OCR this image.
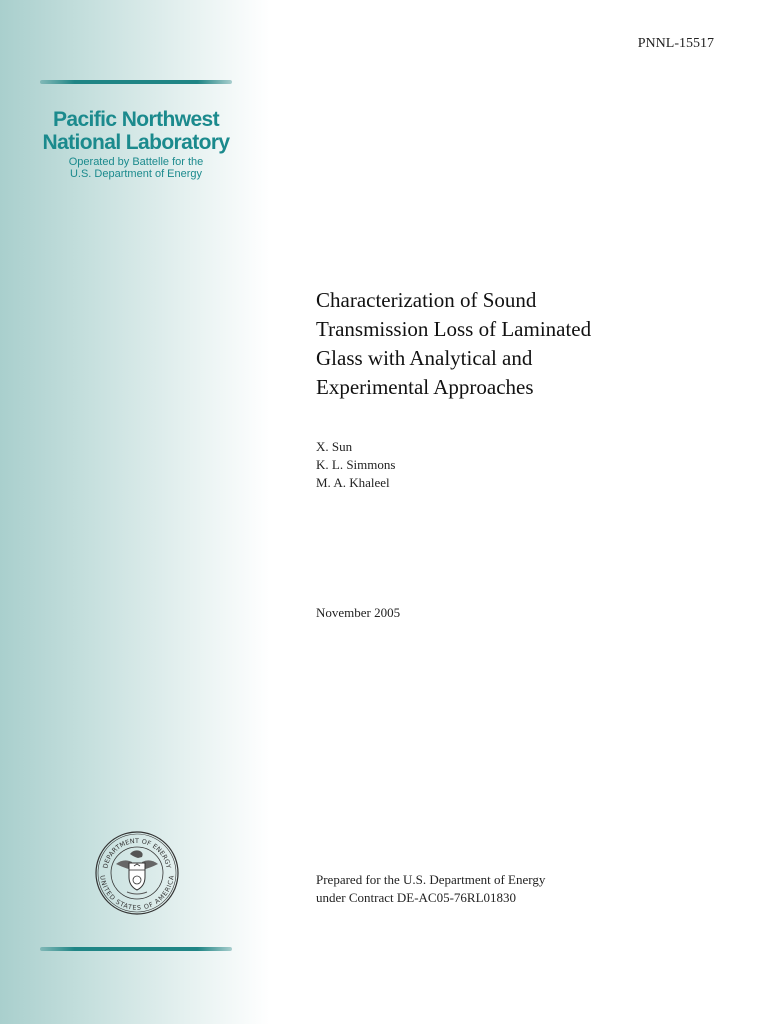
Pacific Northwest
National Laboratory
Operated by Battelle for the
U.S. Department of Energy
PNNL-15517
Characterization of Sound
Transmission Loss of Laminated
Glass with Analytical and
Experimental Approaches
X. Sun
K. L. Simmons
M. A. Khaleel
November 2005
Prepared for the U.S. Department of Energy
under Contract DE-AC05-76RL01830
DEPARTMENT OF ENERGY
UNITED STATES OF AMERICA
